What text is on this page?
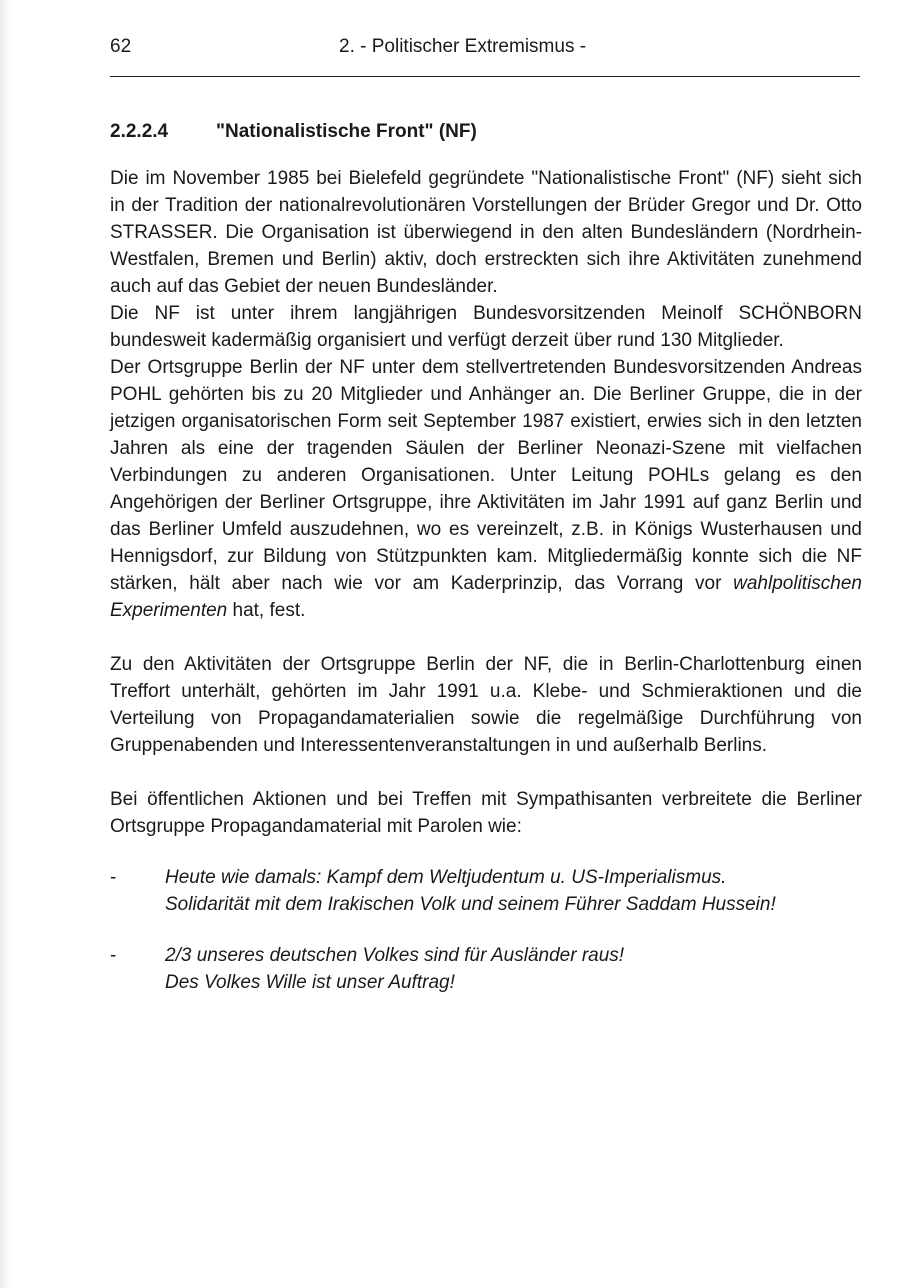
62	2. - Politischer Extremismus -
2.2.2.4	"Nationalistische Front" (NF)

Die im November 1985 bei Bielefeld gegründete "Nationalistische Front" (NF) sieht sich in der Tradition der nationalrevolutionären Vorstellungen der Brüder Gregor und Dr. Otto STRASSER. Die Organisation ist überwiegend in den alten Bundesländern (Nordrhein-Westfalen, Bremen und Berlin) aktiv, doch erstreckten sich ihre Aktivitäten zunehmend auch auf das Gebiet der neuen Bundesländer.

Die NF ist unter ihrem langjährigen Bundesvorsitzenden Meinolf SCHÖNBORN bundesweit kadermäßig organisiert und verfügt derzeit über rund 130 Mitglieder.

Der Ortsgruppe Berlin der NF unter dem stellvertretenden Bundesvorsitzenden Andreas POHL gehörten bis zu 20 Mitglieder und Anhänger an. Die Berliner Gruppe, die in der jetzigen organisatorischen Form seit September 1987 existiert, erwies sich in den letzten Jahren als eine der tragenden Säulen der Berliner Neonazi-Szene mit vielfachen Verbindungen zu anderen Organisationen. Unter Leitung POHLs gelang es den Angehörigen der Berliner Ortsgruppe, ihre Aktivitäten im Jahr 1991 auf ganz Berlin und das Berliner Umfeld auszudehnen, wo es vereinzelt, z.B. in Königs Wusterhausen und Hennigsdorf, zur Bildung von Stützpunkten kam. Mitgliedermäßig konnte sich die NF stärken, hält aber nach wie vor am Kaderprinzip, das Vorrang vor wahlpolitischen Experimenten hat, fest.

Zu den Aktivitäten der Ortsgruppe Berlin der NF, die in Berlin-Charlottenburg einen Treffort unterhält, gehörten im Jahr 1991 u.a. Klebe- und Schmieraktionen und die Verteilung von Propagandamaterialien sowie die regelmäßige Durchführung von Gruppenabenden und Interessentenveranstaltungen in und außerhalb Berlins.

Bei öffentlichen Aktionen und bei Treffen mit Sympathisanten verbreitete die Berliner Ortsgruppe Propagandamaterial mit Parolen wie:

-	Heute wie damals: Kampf dem Weltjudentum u. US-Imperialismus.
Solidarität mit dem Irakischen Volk und seinem Führer Saddam Hussein!
-	2/3 unseres deutschen Volkes sind für Ausländer raus!
Des Volkes Wille ist unser Auftrag!
